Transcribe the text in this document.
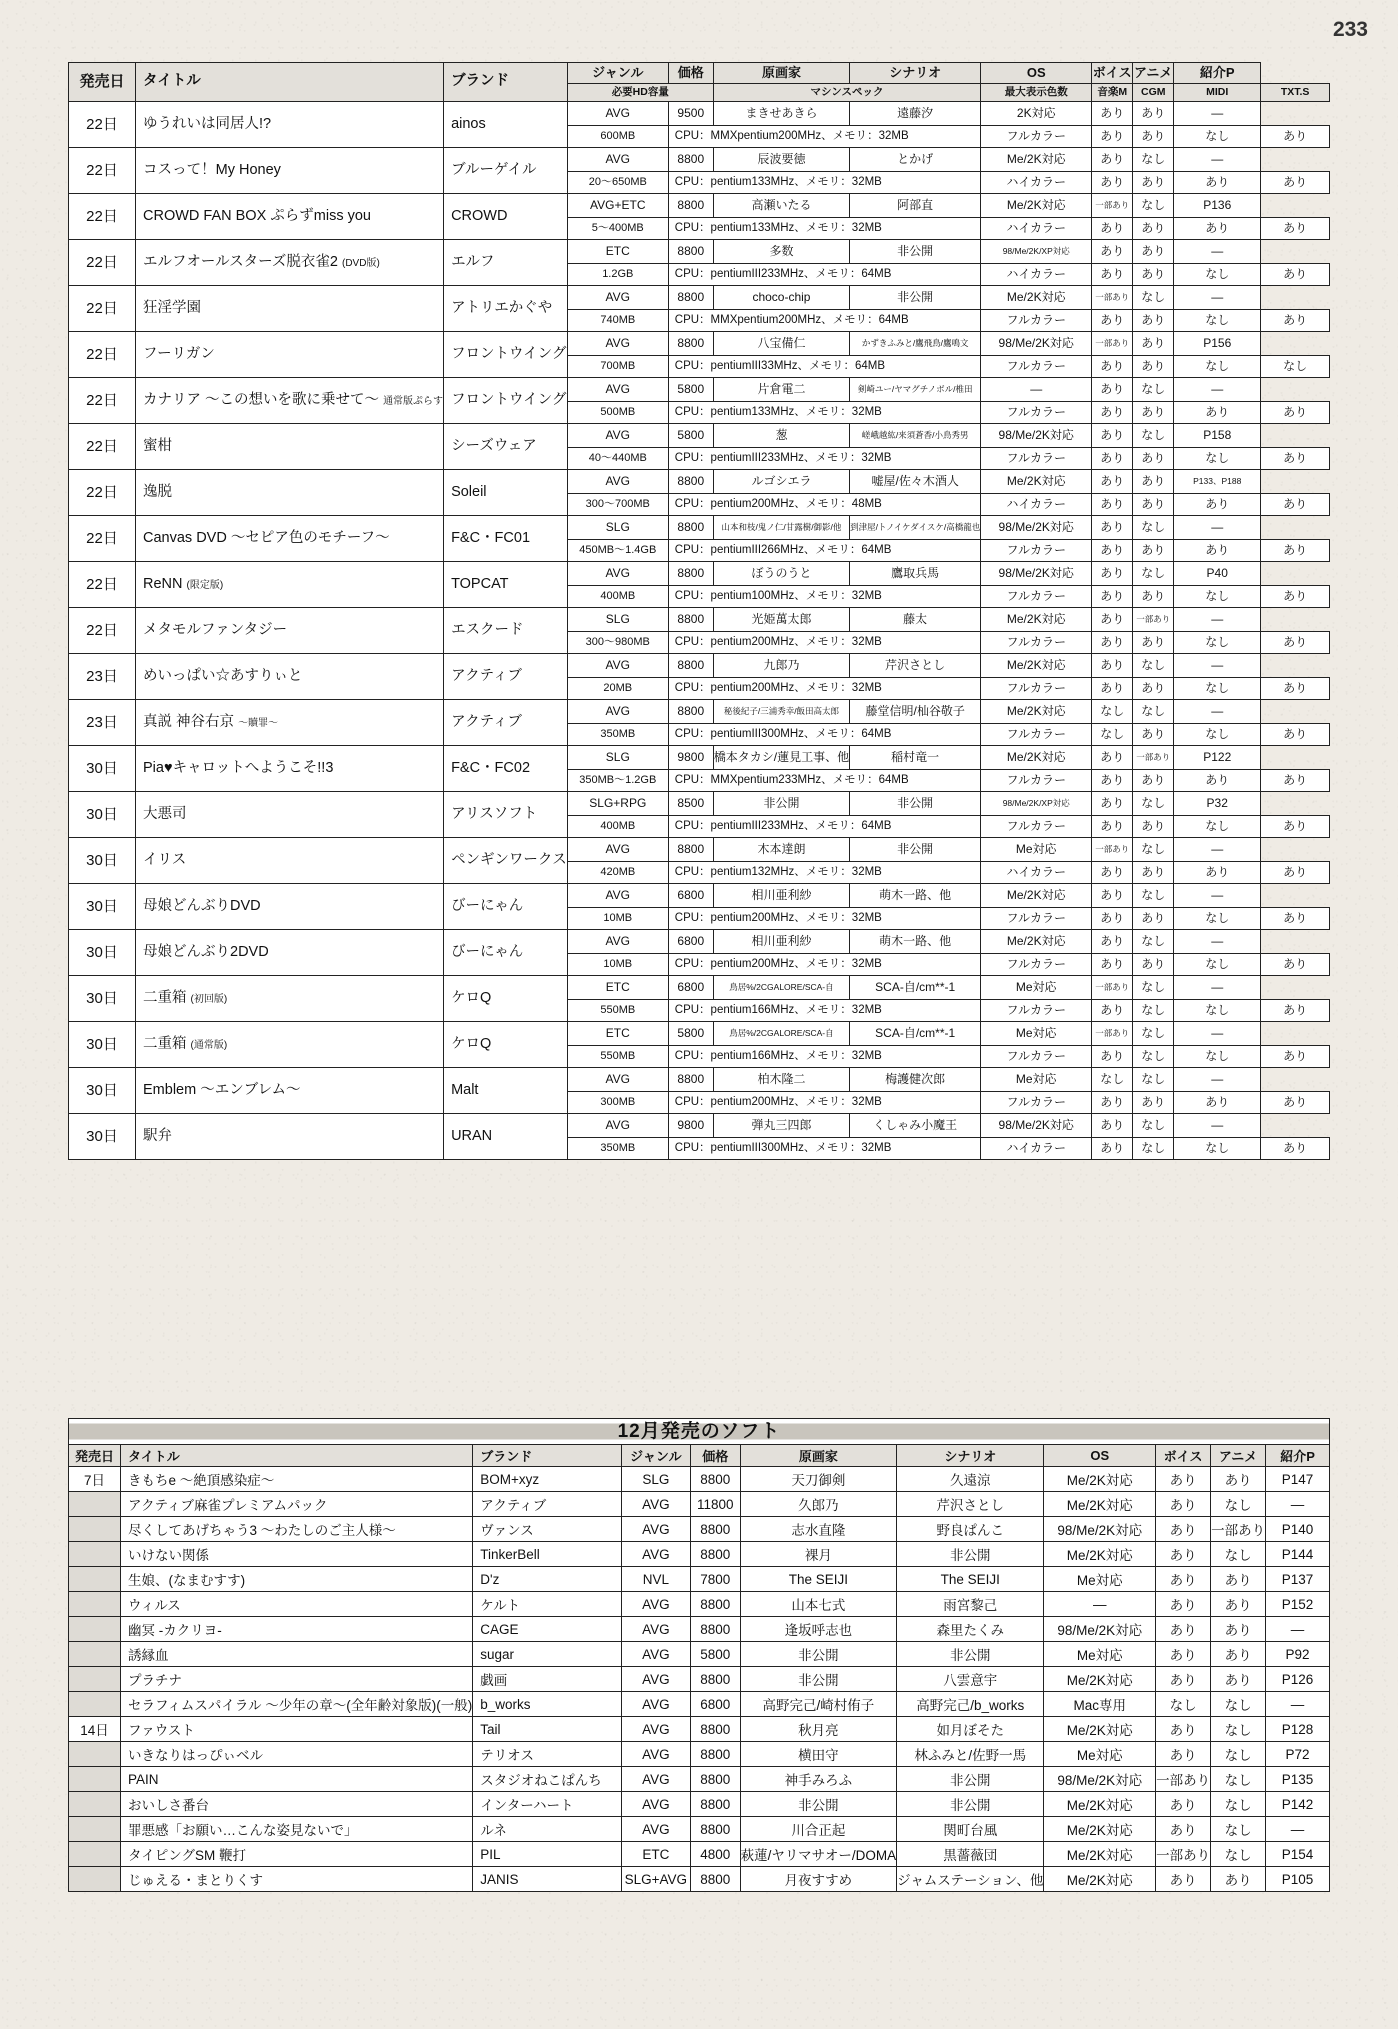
233
発売日	タイトル	ブランド	ジャンル	価格	原画家	シナリオ	OS	ボイス	アニメ	紹介P	
			必要HD容量		マシンスペック		最大表示色数	音楽M	CGM	MIDI	TXT.S
22日	ゆうれいは同居人!?	ainos	AVG	9500	まきせあきら	遠藤汐	2K対応	あり	あり	—	
			600MB	CPU：MMXpentium200MHz、メモリ：32MB			フルカラー	あり	あり	なし	あり
22日	コスって！My Honey	ブルーゲイル	AVG	8800	辰波要徳	とかげ	Me/2K対応	あり	なし	—	
			20～650MB	CPU：pentium133MHz、メモリ：32MB			ハイカラー	あり	あり	あり	あり
22日	CROWD FAN BOX ぷらずmiss you	CROWD	AVG+ETC	8800	高瀬いたる	阿部直	Me/2K対応	一部あり	なし	P136	
			5～400MB	CPU：pentium133MHz、メモリ：32MB			ハイカラー	あり	あり	あり	あり
22日	エルフオールスターズ脱衣雀2 (DVD版)	エルフ	ETC	8800	多数	非公開	98/Me/2K/XP対応	あり	あり	—	
			1.2GB	CPU：pentiumIII233MHz、メモリ：64MB			ハイカラー	あり	あり	なし	あり
22日	狂淫学園	アトリエかぐや	AVG	8800	choco-chip	非公開	Me/2K対応	一部あり	なし	—	
			740MB	CPU：MMXpentium200MHz、メモリ：64MB			フルカラー	あり	あり	なし	あり
22日	フーリガン	フロントウイング	AVG	8800	八宝備仁	かずきふみと/鷹飛鳥/鷹鳴文	98/Me/2K対応	一部あり	あり	P156	
			700MB	CPU：pentiumIII33MHz、メモリ：64MB			フルカラー	あり	あり	なし	なし
22日	カナリア ～この想いを歌に乗せて～ 通常版ぷらす	フロントウイング	AVG	5800	片倉電二	剣崎ユー/ヤマグチノボル/椎田	—	あり	なし	—	
			500MB	CPU：pentium133MHz、メモリ：32MB			フルカラー	あり	あり	あり	あり
22日	蜜柑	シーズウェア	AVG	5800	葱	嵯峨越紘/来須蒼香/小鳥秀男	98/Me/2K対応	あり	なし	P158	
			40～440MB	CPU：pentiumIII233MHz、メモリ：32MB			フルカラー	あり	あり	なし	あり
22日	逸脱	Soleil	AVG	8800	ルゴシエラ	嘘屋/佐々木酒人	Me/2K対応	あり	あり	P133、P188	
			300～700MB	CPU：pentium200MHz、メモリ：48MB			ハイカラー	あり	あり	あり	あり
22日	Canvas DVD ～セピア色のモチーフ～	F&C・FC01	SLG	8800	山本和枝/鬼ノ仁/甘露樹/御影/他	到津屋/トノイケダイスケ/高橋龍也	98/Me/2K対応	あり	なし	—	
			450MB～1.4GB	CPU：pentiumIII266MHz、メモリ：64MB			フルカラー	あり	あり	あり	あり
22日	ReNN (限定版)	TOPCAT	AVG	8800	ぼうのうと	鷹取兵馬	98/Me/2K対応	あり	なし	P40	
			400MB	CPU：pentium100MHz、メモリ：32MB			フルカラー	あり	あり	なし	あり
22日	メタモルファンタジー	エスクード	SLG	8800	光姫萬太郎	藤太	Me/2K対応	あり	一部あり	—	
			300～980MB	CPU：pentium200MHz、メモリ：32MB			フルカラー	あり	あり	なし	あり
23日	めいっぱい☆あすりぃと	アクティブ	AVG	8800	九郎乃	芹沢さとし	Me/2K対応	あり	なし	—	
			20MB	CPU：pentium200MHz、メモリ：32MB			フルカラー	あり	あり	なし	あり
23日	真説 神谷右京 ～贖罪～	アクティブ	AVG	8800	秘後紀子/三浦秀幸/飯田高太郎	藤堂信明/杣谷敬子	Me/2K対応	なし	なし	—	
			350MB	CPU：pentiumIII300MHz、メモリ：64MB			フルカラー	なし	あり	なし	あり
30日	Pia♥キャロットへようこそ!!3	F&C・FC02	SLG	9800	橋本タカシ/蓮見工事、他	稲村竜一	Me/2K対応	あり	一部あり	P122	
			350MB～1.2GB	CPU：MMXpentium233MHz、メモリ：64MB			フルカラー	あり	あり	あり	あり
30日	大悪司	アリスソフト	SLG+RPG	8500	非公開	非公開	98/Me/2K/XP対応	あり	なし	P32	
			400MB	CPU：pentiumIII233MHz、メモリ：64MB			フルカラー	あり	あり	なし	あり
30日	イリス	ペンギンワークス	AVG	8800	木本達朗	非公開	Me対応	一部あり	なし	—	
			420MB	CPU：pentium132MHz、メモリ：32MB			ハイカラー	あり	あり	あり	あり
30日	母娘どんぶりDVD	びーにゃん	AVG	6800	相川亜利紗	萌木一路、他	Me/2K対応	あり	なし	—	
			10MB	CPU：pentium200MHz、メモリ：32MB			フルカラー	あり	あり	なし	あり
30日	母娘どんぶり2DVD	びーにゃん	AVG	6800	相川亜利紗	萌木一路、他	Me/2K対応	あり	なし	—	
			10MB	CPU：pentium200MHz、メモリ：32MB			フルカラー	あり	あり	なし	あり
30日	二重箱 (初回版)	ケロQ	ETC	6800	鳥居%/2CGALORE/SCA-自	SCA-自/cm**-1	Me対応	一部あり	なし	—	
			550MB	CPU：pentium166MHz、メモリ：32MB			フルカラー	あり	なし	なし	あり
30日	二重箱 (通常版)	ケロQ	ETC	5800	鳥居%/2CGALORE/SCA-自	SCA-自/cm**-1	Me対応	一部あり	なし	—	
			550MB	CPU：pentium166MHz、メモリ：32MB			フルカラー	あり	なし	なし	あり
30日	Emblem ～エンブレム～	Malt	AVG	8800	柏木隆二	梅護健次郎	Me対応	なし	なし	—	
			300MB	CPU：pentium200MHz、メモリ：32MB			フルカラー	あり	あり	あり	あり
30日	駅弁	URAN	AVG	9800	弾丸三四郎	くしゃみ小魔王	98/Me/2K対応	あり	なし	—	
			350MB	CPU：pentiumIII300MHz、メモリ：32MB			ハイカラー	あり	なし	なし	あり
12月発売のソフト
発売日	タイトル	ブランド	ジャンル	価格	原画家	シナリオ	OS	ボイス	アニメ	紹介P
7日	きもちe ～絶頂感染症～	BOM+xyz	SLG	8800	天刀御剣	久遠涼	Me/2K対応	あり	あり	P147
	アクティブ麻雀プレミアムパック	アクティブ	AVG	11800	久郎乃	芹沢さとし	Me/2K対応	あり	なし	—
	尽くしてあげちゃう3 ～わたしのご主人様～	ヴァンス	AVG	8800	志水直隆	野良ぱんこ	98/Me/2K対応	あり	一部あり	P140
	いけない関係	TinkerBell	AVG	8800	裸月	非公開	Me/2K対応	あり	なし	P144
	生娘、(なまむすす)	D'z	NVL	7800	The SEIJI	The SEIJI	Me対応	あり	あり	P137
	ウィルス	ケルト	AVG	8800	山本七式	雨宮黎己	—	あり	あり	P152
	幽冥 -カクリヨ-	CAGE	AVG	8800	逢坂呼志也	森里たくみ	98/Me/2K対応	あり	あり	—
	誘縁血	sugar	AVG	5800	非公開	非公開	Me対応	あり	あり	P92
	プラチナ	戯画	AVG	8800	非公開	八雲意宇	Me/2K対応	あり	あり	P126
	セラフィムスパイラル ～少年の章～(全年齢対象版)(一般)	b_works	AVG	6800	高野完己/崎村侑子	高野完己/b_works	Mac専用	なし	なし	—
14日	ファウスト	Tail	AVG	8800	秋月亮	如月ぼそた	Me/2K対応	あり	なし	P128
	いきなりはっぴぃベル	テリオス	AVG	8800	横田守	林ふみと/佐野一馬	Me対応	あり	なし	P72
	PAIN	スタジオねこぱんち	AVG	8800	神手みろふ	非公開	98/Me/2K対応	一部あり	なし	P135
	おいしさ番台	インターハート	AVG	8800	非公開	非公開	Me/2K対応	あり	なし	P142
	罪悪感「お願い…こんな姿見ないで」	ルネ	AVG	8800	川合正起	関町台風	Me/2K対応	あり	なし	—
	タイピングSM 鞭打	PIL	ETC	4800	萩蓮/ヤリマサオー/DOMA	黒薔薇団	Me/2K対応	一部あり	なし	P154
	じゅえる・まとりくす	JANIS	SLG+AVG	8800	月夜すすめ	ジャムステーション、他	Me/2K対応	あり	あり	P105
